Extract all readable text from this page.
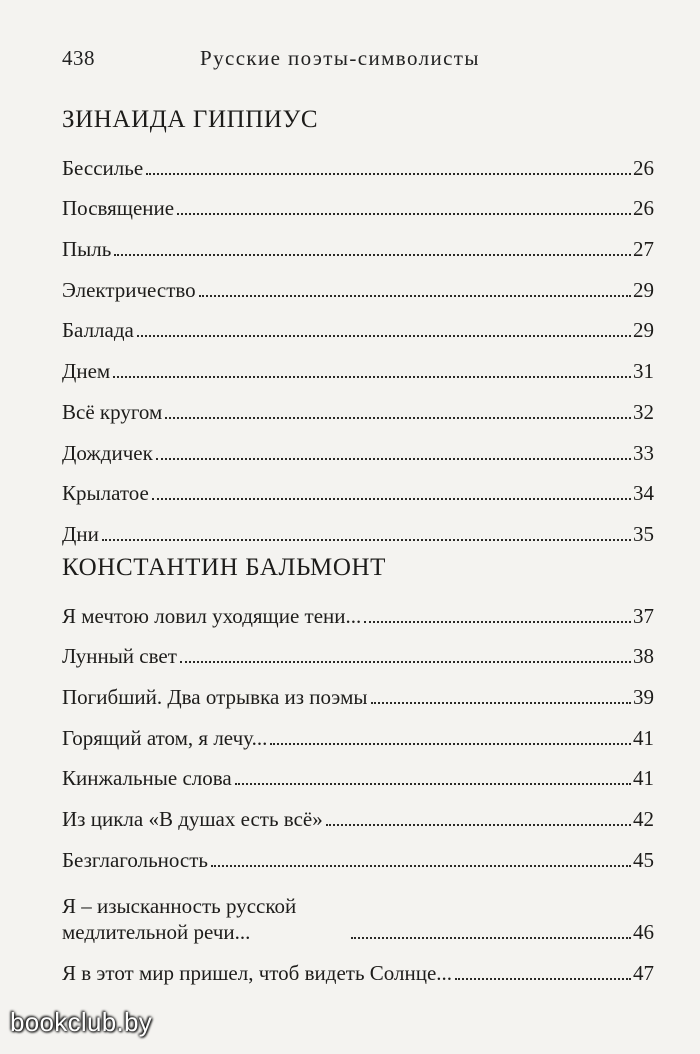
438	Русские поэты-символисты
ЗИНАИДА ГИППИУС
Бессилье	26
Посвящение	26
Пыль	27
Электричество	29
Баллада	29
Днем	31
Всё кругом	32
Дождичек	33
Крылатое	34
Дни	35
КОНСТАНТИН БАЛЬМОНТ
Я мечтою ловил уходящие тени...	37
Лунный свет	38
Погибший. Два отрывка из поэмы	39
Горящий атом, я лечу...	41
Кинжальные слова	41
Из цикла «В душах есть всё»	42
Безглагольность	45
Я – изысканность русской медлительной речи...	46
Я в этот мир пришел, чтоб видеть Солнце...	47
bookclub.by
